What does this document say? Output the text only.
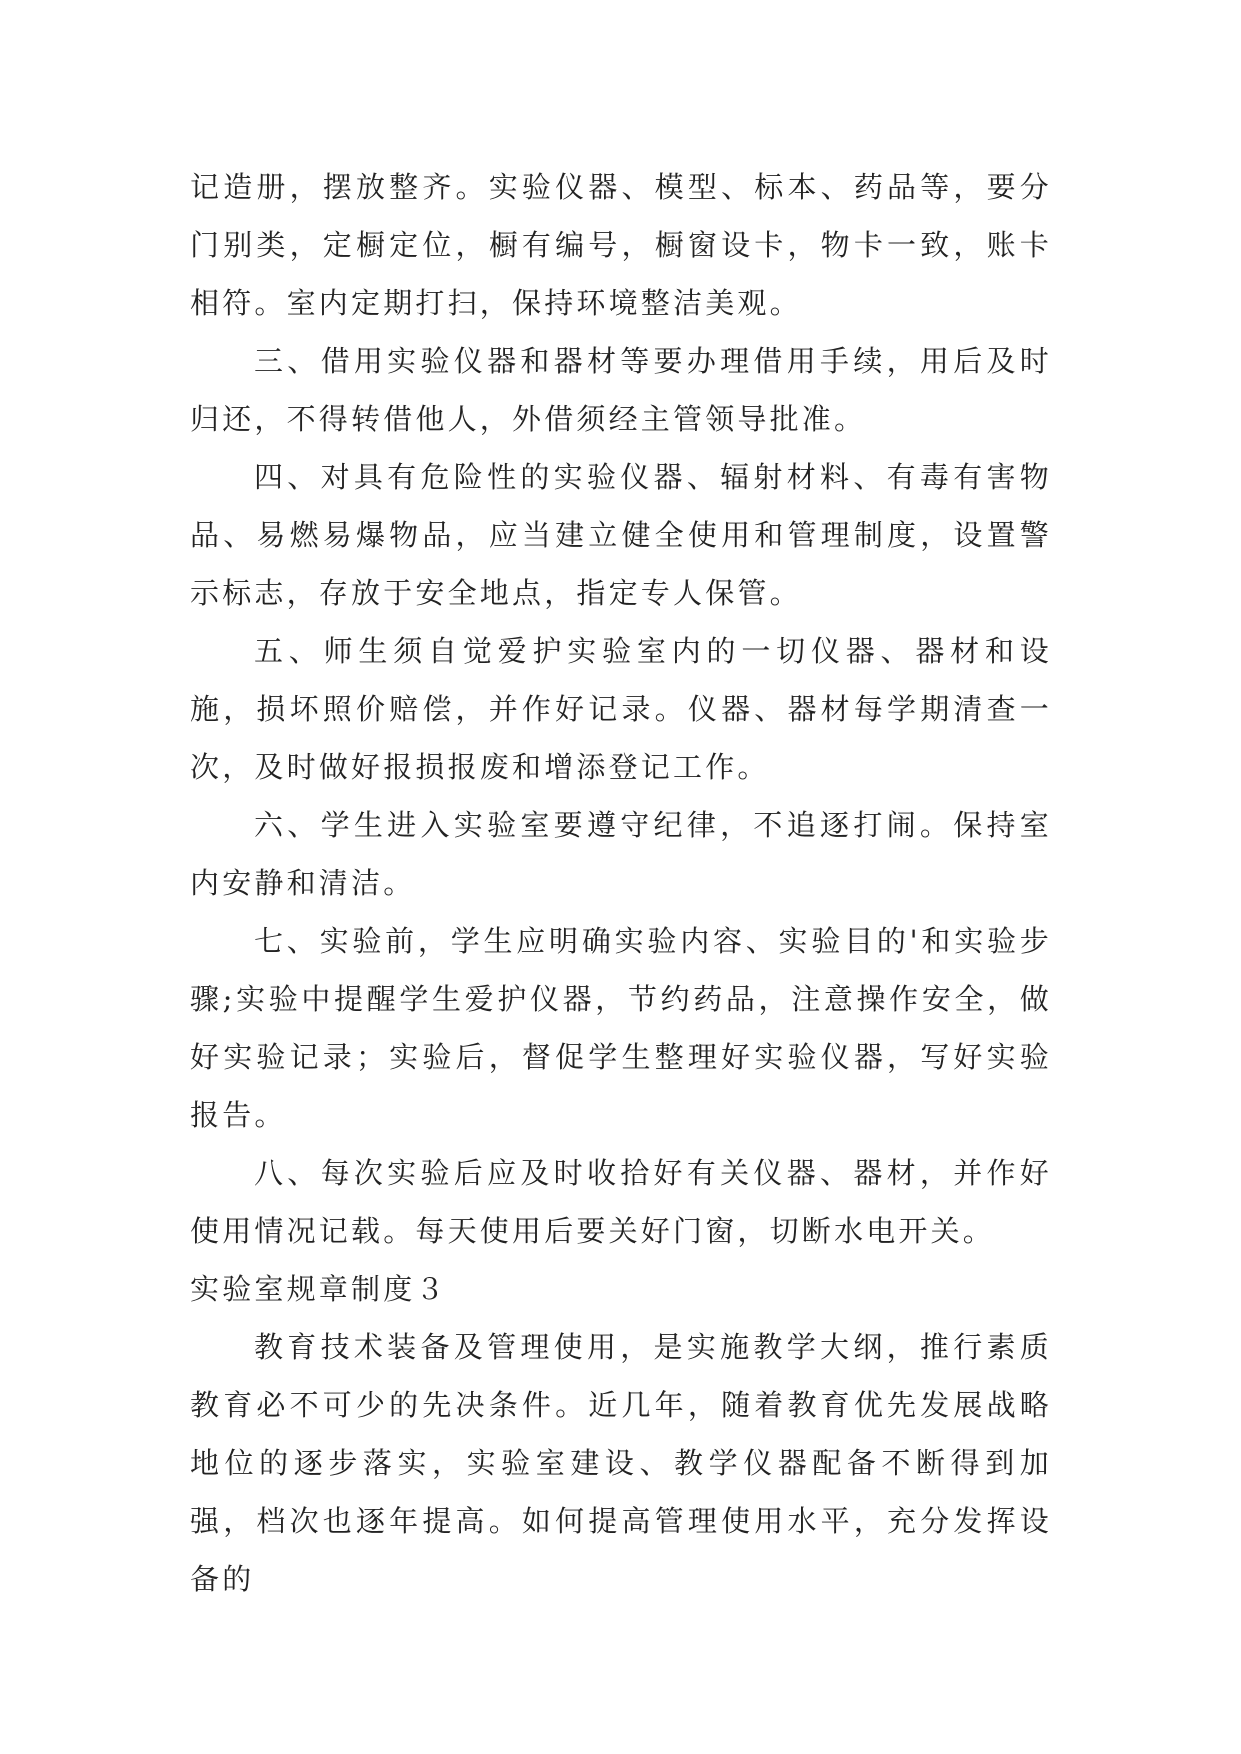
记造册，摆放整齐。实验仪器、模型、标本、药品等，要分门别类，定橱定位，橱有编号，橱窗设卡，物卡一致，账卡相符。室内定期打扫，保持环境整洁美观。

三、借用实验仪器和器材等要办理借用手续，用后及时归还，不得转借他人，外借须经主管领导批准。

四、对具有危险性的实验仪器、辐射材料、有毒有害物品、易燃易爆物品，应当建立健全使用和管理制度，设置警示标志，存放于安全地点，指定专人保管。

五、师生须自觉爱护实验室内的一切仪器、器材和设施，损坏照价赔偿，并作好记录。仪器、器材每学期清查一次，及时做好报损报废和增添登记工作。

六、学生进入实验室要遵守纪律，不追逐打闹。保持室内安静和清洁。

七、实验前，学生应明确实验内容、实验目的'和实验步骤;实验中提醒学生爱护仪器，节约药品，注意操作安全，做好实验记录；实验后，督促学生整理好实验仪器，写好实验报告。

八、每次实验后应及时收拾好有关仪器、器材，并作好使用情况记载。每天使用后要关好门窗，切断水电开关。

实验室规章制度３

教育技术装备及管理使用，是实施教学大纲，推行素质教育必不可少的先决条件。近几年，随着教育优先发展战略地位的逐步落实，实验室建设、教学仪器配备不断得到加强，档次也逐年提高。如何提高管理使用水平，充分发挥设备的
